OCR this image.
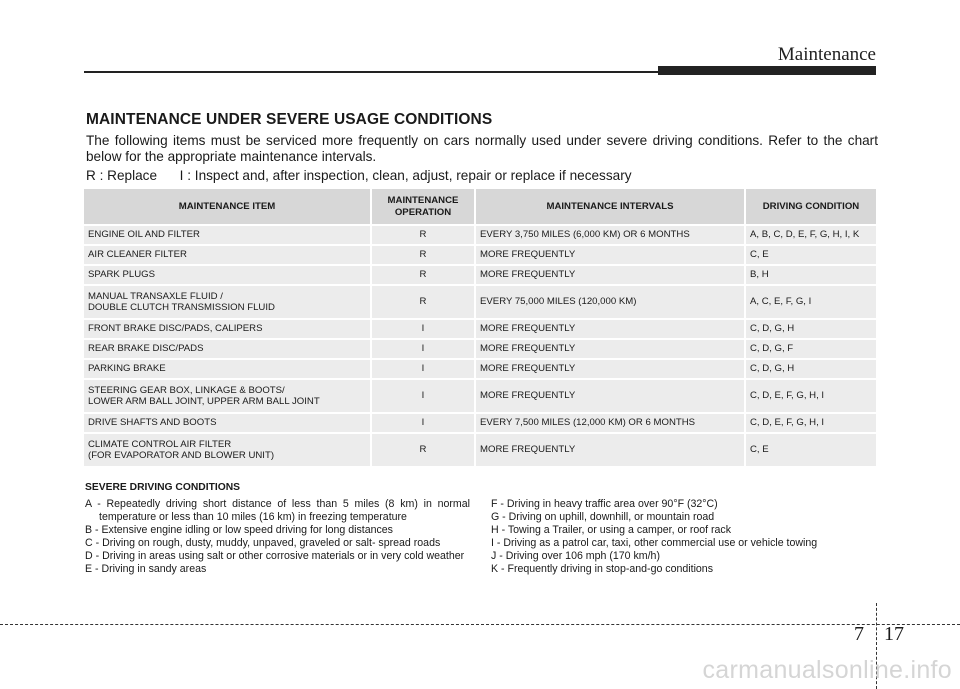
Maintenance
MAINTENANCE UNDER SEVERE USAGE CONDITIONS
The following items must be serviced more frequently on cars normally used under severe driving conditions. Refer to the chart below for the appropriate maintenance intervals.
R : Replace      I : Inspect and, after inspection, clean, adjust, repair or replace if necessary
MAINTENANCE ITEM	MAINTENANCE OPERATION	MAINTENANCE INTERVALS	DRIVING CONDITION
ENGINE OIL AND FILTER	R	EVERY 3,750 MILES (6,000 KM) OR 6 MONTHS	A, B, C, D, E, F, G, H, I, K
AIR CLEANER FILTER	R	MORE FREQUENTLY	C, E
SPARK PLUGS	R	MORE FREQUENTLY	B, H

MANUAL TRANSAXLE FLUID /
DOUBLE CLUTCH TRANSMISSION FLUID	R	EVERY 75,000 MILES (120,000 KM)	A, C, E, F, G, I
FRONT BRAKE DISC/PADS, CALIPERS	I	MORE FREQUENTLY	C, D, G, H
REAR BRAKE DISC/PADS	I	MORE FREQUENTLY	C, D, G, F
PARKING BRAKE	I	MORE FREQUENTLY	C, D, G, H

STEERING GEAR BOX, LINKAGE & BOOTS/
LOWER ARM BALL JOINT, UPPER ARM BALL JOINT	I	MORE FREQUENTLY	C, D, E, F, G, H, I
DRIVE SHAFTS AND BOOTS	I	EVERY 7,500 MILES (12,000 KM) OR 6 MONTHS	C, D, E, F, G, H, I

CLIMATE CONTROL AIR FILTER
(FOR EVAPORATOR AND BLOWER UNIT)	R	MORE FREQUENTLY	C, E
SEVERE DRIVING CONDITIONS
A - Repeatedly driving short distance of less than 5 miles (8 km) in normal temperature or less than 10 miles (16 km) in freezing temperature
B - Extensive engine idling or low speed driving for long distances
C - Driving on rough, dusty, muddy, unpaved, graveled or salt- spread roads
D - Driving in areas using salt or other corrosive materials or in very cold weather
E - Driving in sandy areas
F - Driving in heavy traffic area over 90°F (32°C)
G - Driving on uphill, downhill, or mountain road
H - Towing a Trailer, or using a camper, or roof rack
I - Driving as a patrol car, taxi, other commercial use or vehicle towing
J - Driving over 106 mph (170 km/h)
K - Frequently driving in stop-and-go conditions
7 17
carmanualsonline.info
